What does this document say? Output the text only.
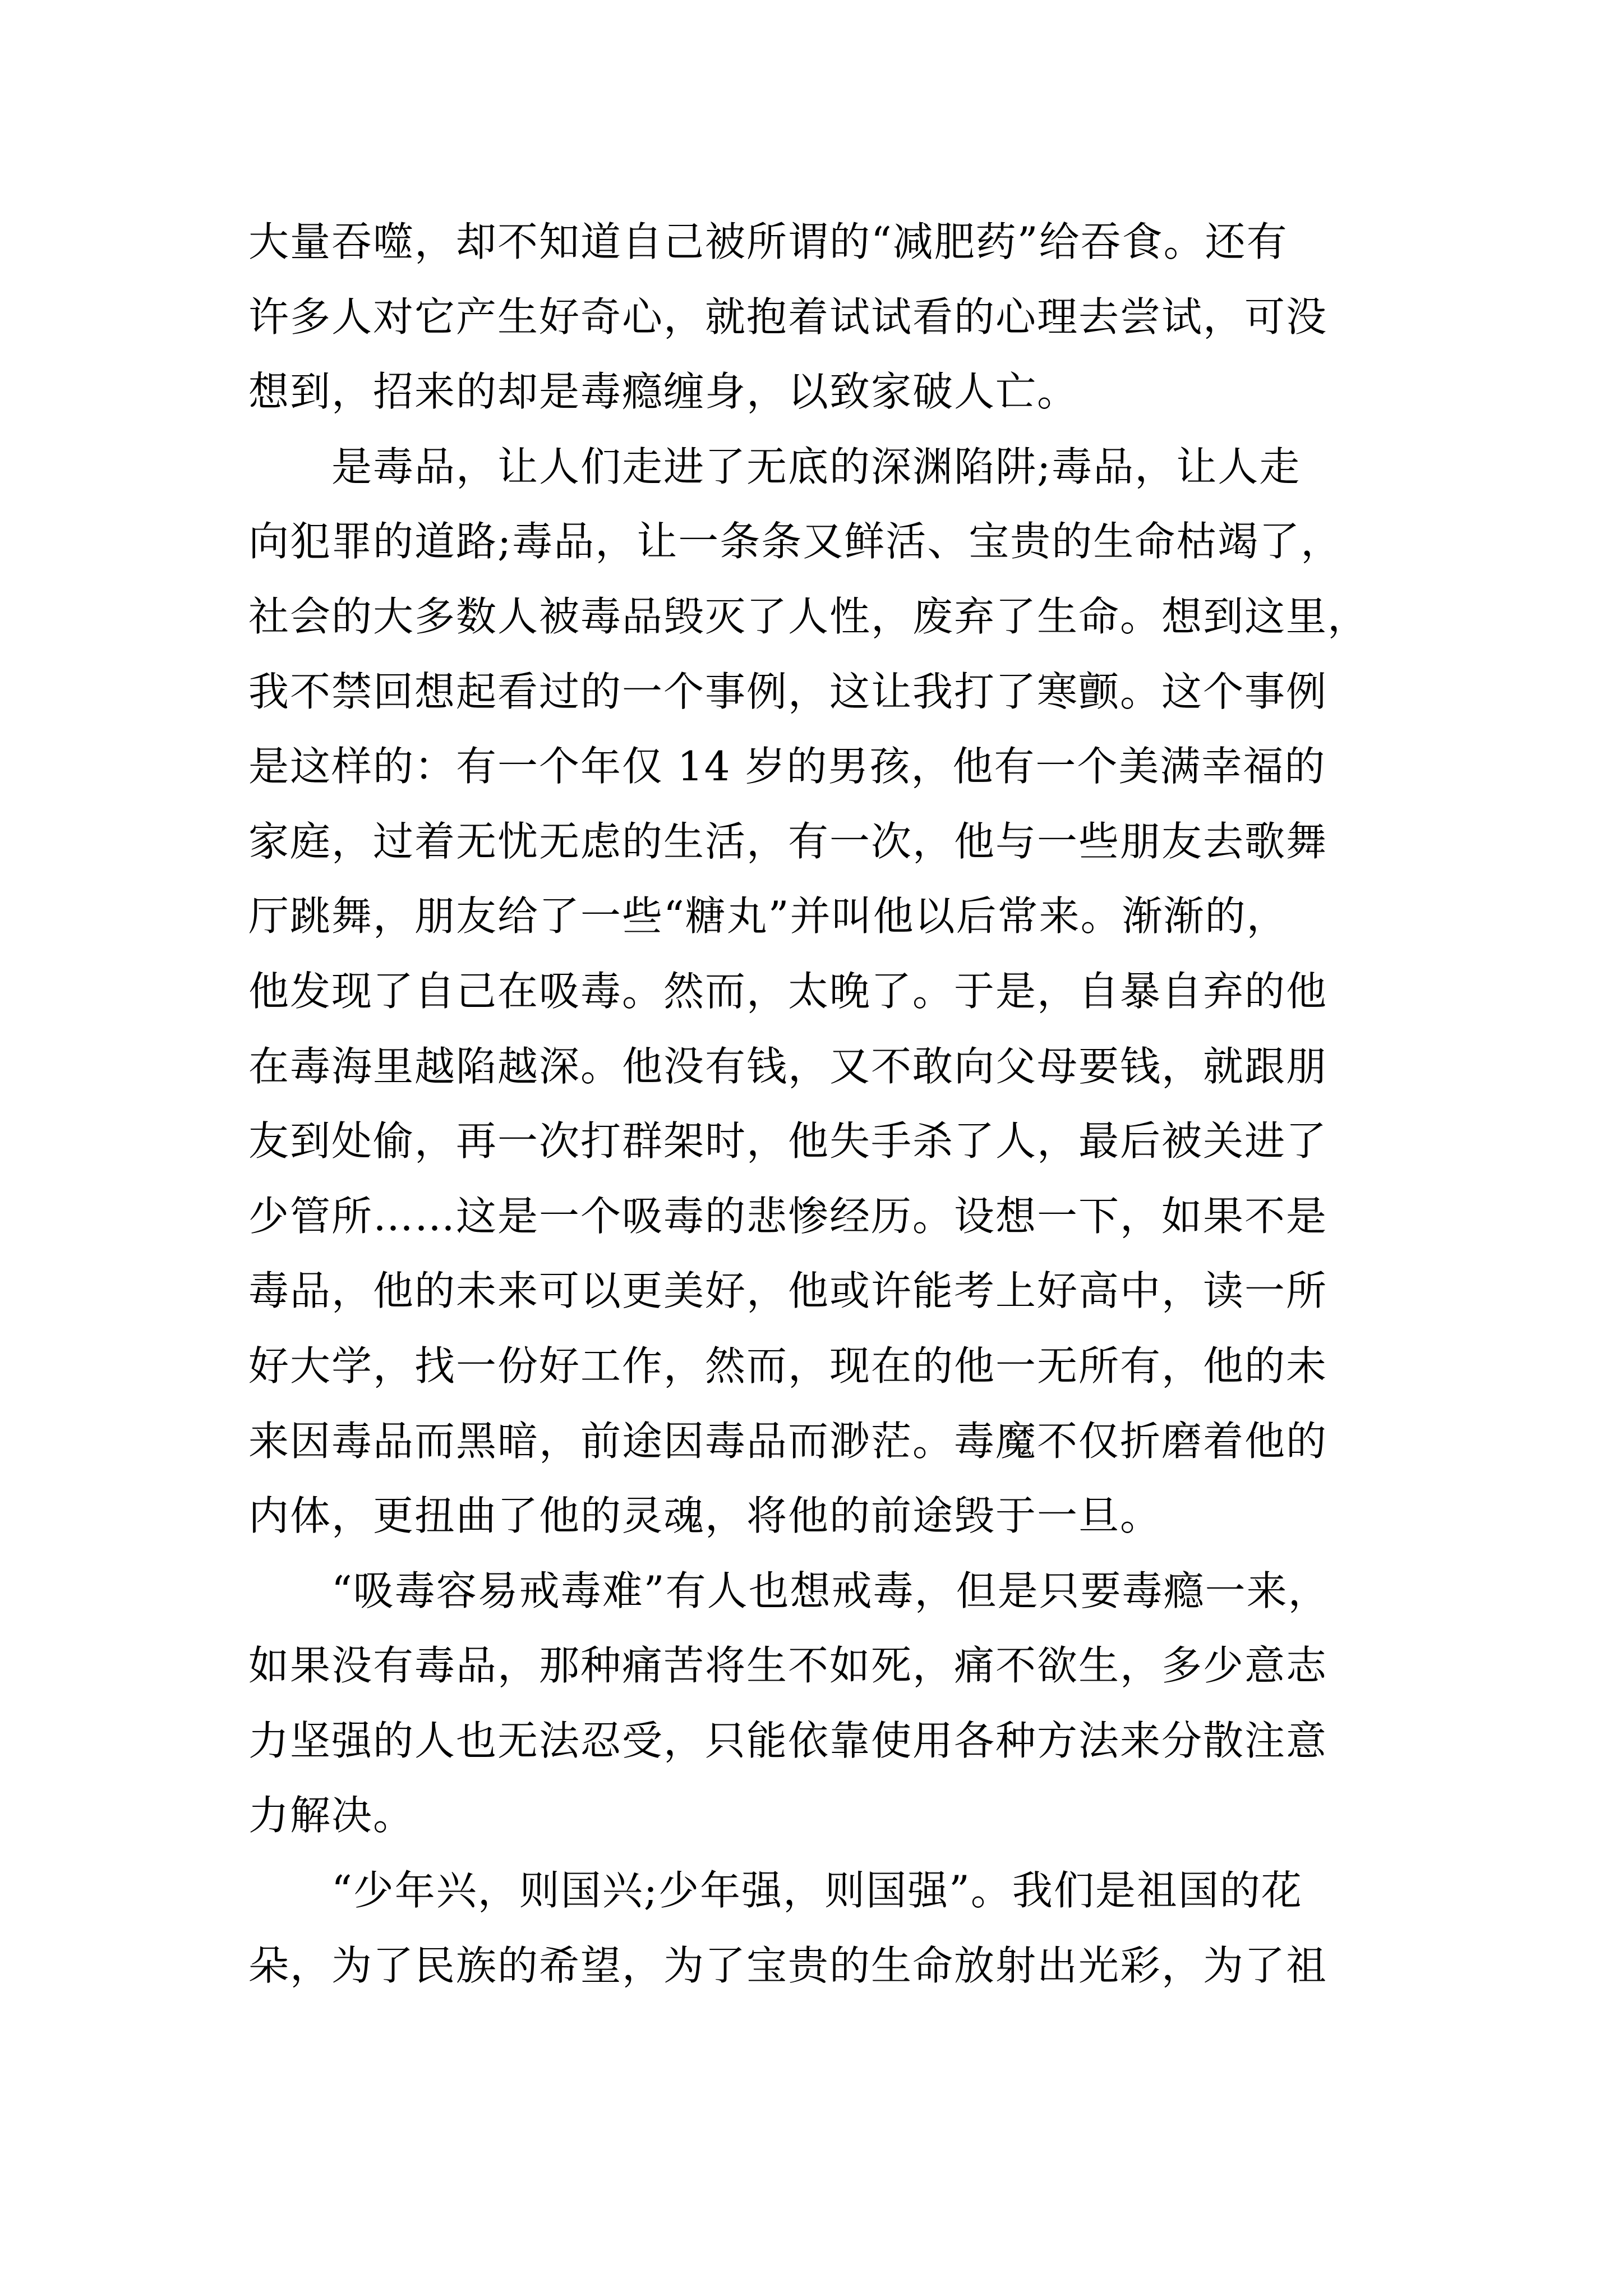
大量吞噬，却不知道自己被所谓的“减肥药”给吞食。还有
许多人对它产生好奇心，就抱着试试看的心理去尝试，可没
想到，招来的却是毒瘾缠身，以致家破人亡。
　　是毒品，让人们走进了无底的深渊陷阱;毒品，让人走
向犯罪的道路;毒品，让一条条又鲜活、宝贵的生命枯竭了，
社会的大多数人被毒品毁灭了人性，废弃了生命。想到这里，
我不禁回想起看过的一个事例，这让我打了寒颤。这个事例
是这样的：有一个年仅 14 岁的男孩，他有一个美满幸福的
家庭，过着无忧无虑的生活，有一次，他与一些朋友去歌舞
厅跳舞，朋友给了一些“糖丸”并叫他以后常来。渐渐的，
他发现了自己在吸毒。然而，太晚了。于是，自暴自弃的他
在毒海里越陷越深。他没有钱，又不敢向父母要钱，就跟朋
友到处偷，再一次打群架时，他失手杀了人，最后被关进了
少管所……这是一个吸毒的悲惨经历。设想一下，如果不是
毒品，他的未来可以更美好，他或许能考上好高中，读一所
好大学，找一份好工作，然而，现在的他一无所有，他的未
来因毒品而黑暗，前途因毒品而渺茫。毒魔不仅折磨着他的
内体，更扭曲了他的灵魂，将他的前途毁于一旦。
　　“吸毒容易戒毒难”有人也想戒毒，但是只要毒瘾一来，
如果没有毒品，那种痛苦将生不如死，痛不欲生，多少意志
力坚强的人也无法忍受，只能依靠使用各种方法来分散注意
力解决。
　　“少年兴，则国兴;少年强，则国强”。我们是祖国的花
朵，为了民族的希望，为了宝贵的生命放射出光彩，为了祖
